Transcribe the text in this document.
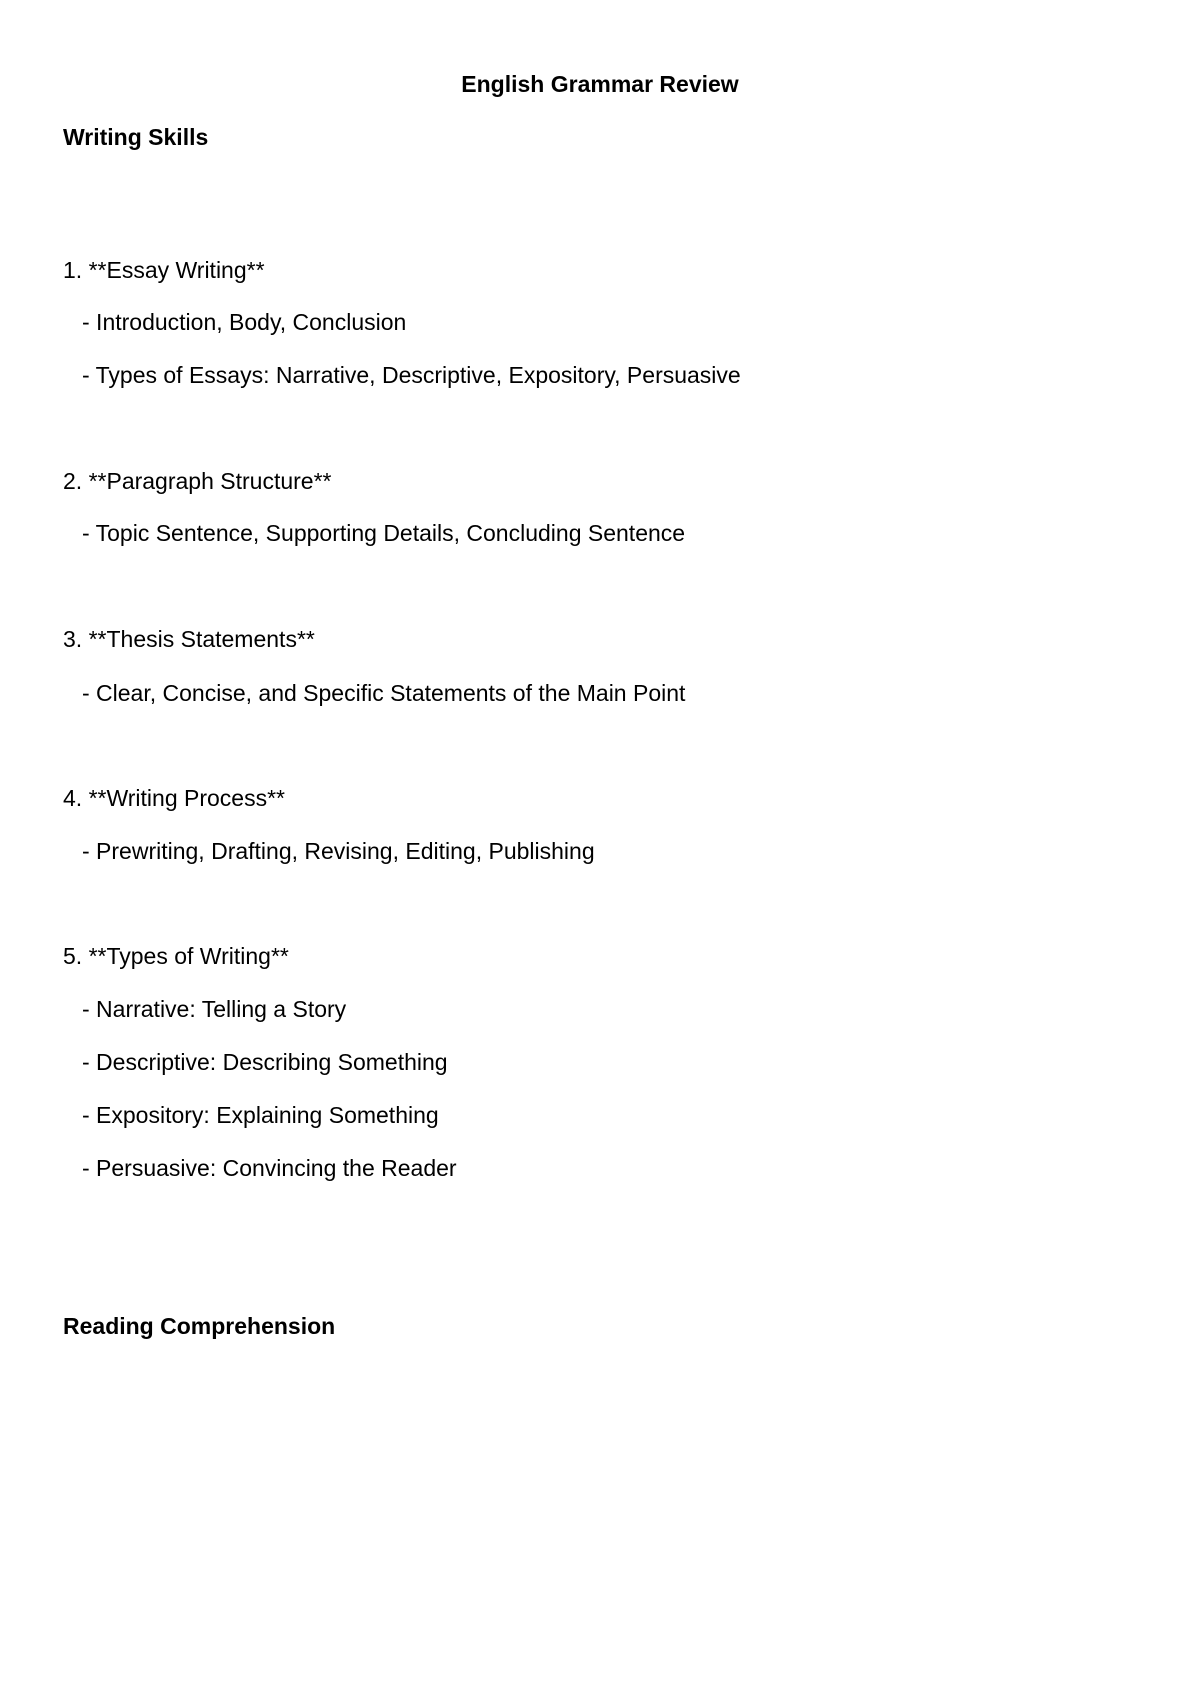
English Grammar Review
Writing Skills
1. **Essay Writing**
- Introduction, Body, Conclusion
- Types of Essays: Narrative, Descriptive, Expository, Persuasive
2. **Paragraph Structure**
- Topic Sentence, Supporting Details, Concluding Sentence
3. **Thesis Statements**
- Clear, Concise, and Specific Statements of the Main Point
4. **Writing Process**
- Prewriting, Drafting, Revising, Editing, Publishing
5. **Types of Writing**
- Narrative: Telling a Story
- Descriptive: Describing Something
- Expository: Explaining Something
- Persuasive: Convincing the Reader
Reading Comprehension
